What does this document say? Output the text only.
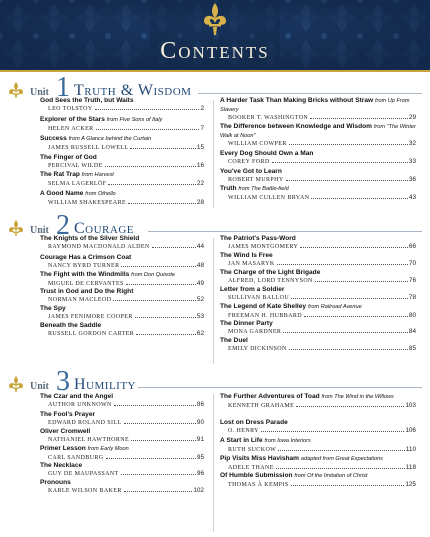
Contents
Unit 1 Truth & Wisdom
Unit 2 Courage
Unit 3 Humility
God Sees the Truth, but Waits
LEO TOLSTOY	2
Explorer of the Stars from Five Sons of Italy
HELEN ACKER	7
Success from A Glance behind the Curtain
JAMES RUSSELL LOWELL	15
The Finger of God
PERCIVAL WILDE	16
The Rat Trap from Harvest
SELMA LAGERLÖF	22
A Good Name from Othello
WILLIAM SHAKESPEARE	28
A Harder Task Than Making Bricks without Straw from Up From Slavery
BOOKER T. WASHINGTON	29
The Difference between Knowledge and Wisdom from "The Winter Walk at Noon"
WILLIAM COWPER	32
Every Dog Should Own a Man
COREY FORD	33
You've Got to Learn
ROBERT MURPHY	36
Truth from The Battle-field
WILLIAM CULLEN BRYAN	43
The Knights of the Silver Shield
RAYMOND MACDONALD ALDEN	44
Courage Has a Crimson Coat
NANCY BYRD TURNER	48
The Fight with the Windmills from Don Quixote
MIGUEL DE CERVANTES	49
Trust in God and Do the Right
NORMAN MACLEOD	52
The Spy
JAMES FENIMORE COOPER	53
Beneath the Saddle
RUSSELL GORDON CARTER	62
The Patriot's Pass-Word
JAMES MONTGOMERY	66
The Wind Is Free
JAN MASARYK	70
The Charge of the Light Brigade
ALFRED, LORD TENNYSON	76
Letter from a Soldier
SULLIVAN BALLOU	78
The Legend of Kate Shelley from Railroad Avenue
FREEMAN H. HUBBARD	80
The Dinner Party
MONA GARDNER	84
The Duel
EMILY DICKINSON	85
The Czar and the Angel
AUTHOR UNKNOWN	86
The Fool's Prayer
EDWARD ROLAND SILL	90
Oliver Cromwell
NATHANIEL HAWTHORNE	91
Primer Lesson from Early Moon
CARL SANDBURG	95
The Necklace
GUY DE MAUPASSANT	96
Pronouns
KARLE WILSON BAKER	102
The Further Adventures of Toad from The Wind in the Willows
KENNETH GRAHAME	103
Lost on Dress Parade
O. HENRY	106
A Start in Life from Iowa Interiors
RUTH SUCKOW	110
Pip Visits Miss Havisham adapted from Great Expectations
ADELE THANE	118
Of Humble Submission from Of the Imitation of Christ
THOMAS À KEMPIS	125
